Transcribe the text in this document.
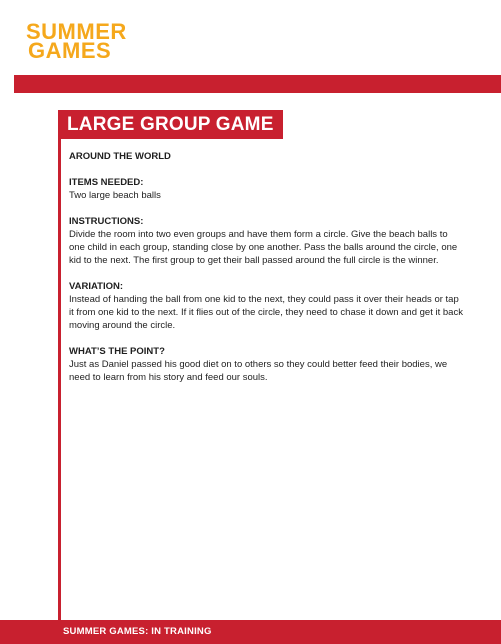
SUMMER
GAMES
LARGE GROUP GAME
AROUND THE WORLD
ITEMS NEEDED:

Two large beach balls

INSTRUCTIONS:

Divide the room into two even groups and have them form a circle. Give the beach balls to one child in each group, standing close by one another. Pass the balls around the circle, one kid to the next. The first group to get their ball passed around the full circle is the winner.

VARIATION:

Instead of handing the ball from one kid to the next, they could pass it over their heads or tap it from one kid to the next. If it flies out of the circle, they need to chase it down and get it back moving around the circle.

WHAT’S THE POINT?

Just as Daniel passed his good diet on to others so they could better feed their bodies, we need to learn from his story and feed our souls.

SUMMER GAMES: IN TRAINING
